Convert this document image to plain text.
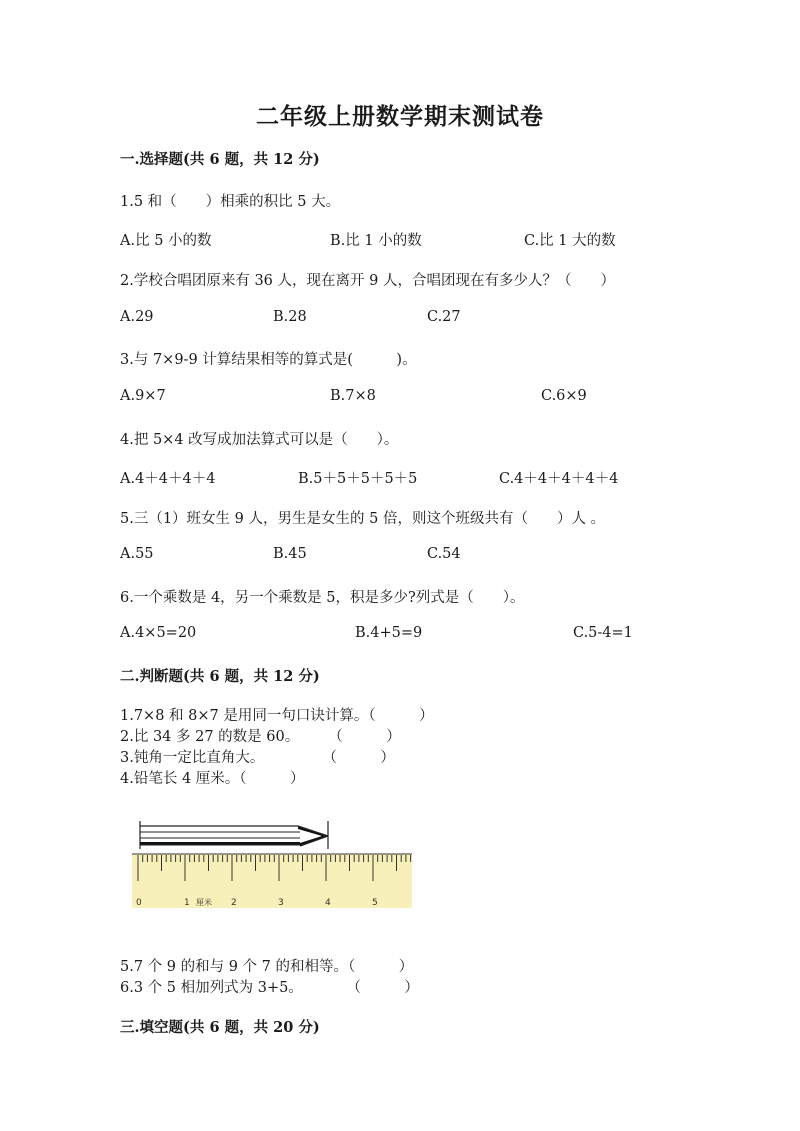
二年级上册数学期末测试卷
一.选择题(共 6 题，共 12 分)
1.5 和（　　）相乘的积比 5 大。
A.比 5 小的数	B.比 1 小的数	C.比 1 大的数
2.学校合唱团原来有 36 人，现在离开 9 人，合唱团现在有多少人？（　　）
A.29	B.28	C.27
3.与 7×9-9 计算结果相等的算式是(　　　)。
A.9×7	B.7×8	C.6×9
4.把 5×4 改写成加法算式可以是（　　）。
A.4＋4＋4＋4	B.5＋5＋5＋5＋5	C.4＋4＋4＋4＋4
5.三（1）班女生 9 人，男生是女生的 5 倍，则这个班级共有（　　）人 。
A.55	B.45	C.54
6.一个乘数是 4，另一个乘数是 5，积是多少?列式是（　　）。
A.4×5=20	B.4+5=9	C.5-4=1
二.判断题(共 6 题，共 12 分)
1.7×8 和 8×7 是用同一句口诀计算。（　　　）
2.比 34 多 27 的数是 60。　　　（　　　）
3.钝角一定比直角大。　　　　　（　　　）
4.铅笔长 4 厘米。（　　　）
0	1 厘米 2	3	4	5
5.7 个 9 的和与 9 个 7 的和相等。（　　　）
6.3 个 5 相加列式为 3+5。　　　　（　　　）
三.填空题(共 6 题，共 20 分)
